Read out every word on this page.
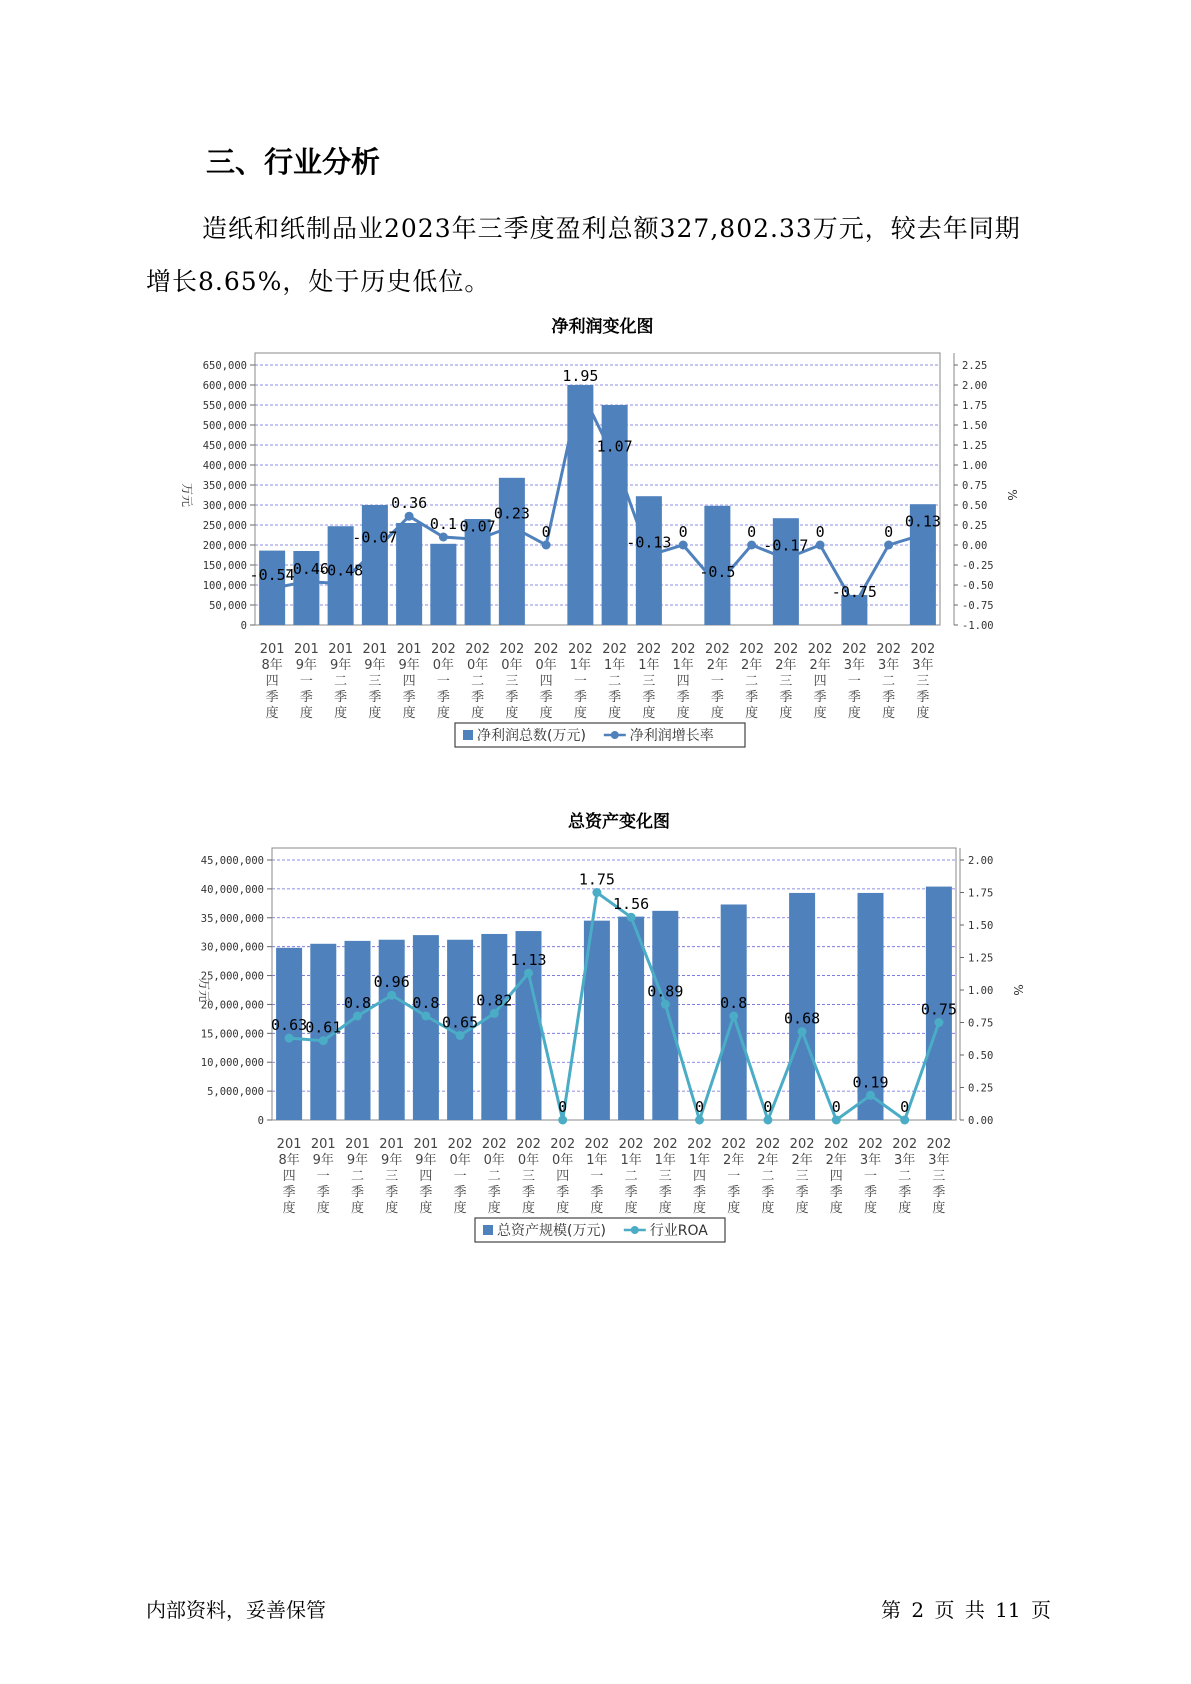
三、行业分析
造纸和纸制品业2023年三季度盈利总额327,802.33万元，较去年同期增长8.65%，处于历史低位。
净利润变化图
0
50,000
100,000
150,000
200,000
250,000
300,000
350,000
400,000
450,000
500,000
550,000
600,000
650,000
-1.00
-0.75
-0.50
-0.25
0.00
0.25
0.50
0.75
1.00
1.25
1.50
1.75
2.00
2.25
万元	%
-0.54
-0.46
-0.48
-0.07
0.36
0.1 0.07
0.23
0
1.95
1.07
-0.13
0
-0.5
0
-0.17
0
-0.75
0
0.13
201 8年四季度
201 9年一季度
201 9年二季度
201 9年三季度
201 9年四季度
202 0年一季度
202 0年二季度
202 0年三季度
202 0年四季度
202 1年一季度
202 1年二季度
202 1年三季度
202 1年四季度
202 2年一季度
202 2年二季度
202 2年三季度
202 2年四季度
202 3年一季度
202 3年二季度
202 3年三季度
净利润总数(万元)	净利润增长率
总资产变化图
0
5,000,000
10,000,000
15,000,000
20,000,000
25,000,000
30,000,000
35,000,000
40,000,000
45,000,000
0.00
0.25
0.50
0.75
1.00
1.25
1.50
1.75
2.00
万元	%
0.63
0.61
0.8
0.96
0.8
0.65
0.82
1.13
0
1.75
1.56
0.89
0
0.8
0
0.68
0
0.19
0
0.75
201 8年四季度
201 9年一季度
201 9年二季度
201 9年三季度
201 9年四季度
202 0年一季度
202 0年二季度
202 0年三季度
202 0年四季度
202 1年一季度
202 1年二季度
202 1年三季度
202 1年四季度
202 2年一季度
202 2年二季度
202 2年三季度
202 2年四季度
202 3年一季度
202 3年二季度
202 3年三季度
总资产规模(万元)	行业ROA
内部资料，妥善保管	第 2 页 共 11 页
